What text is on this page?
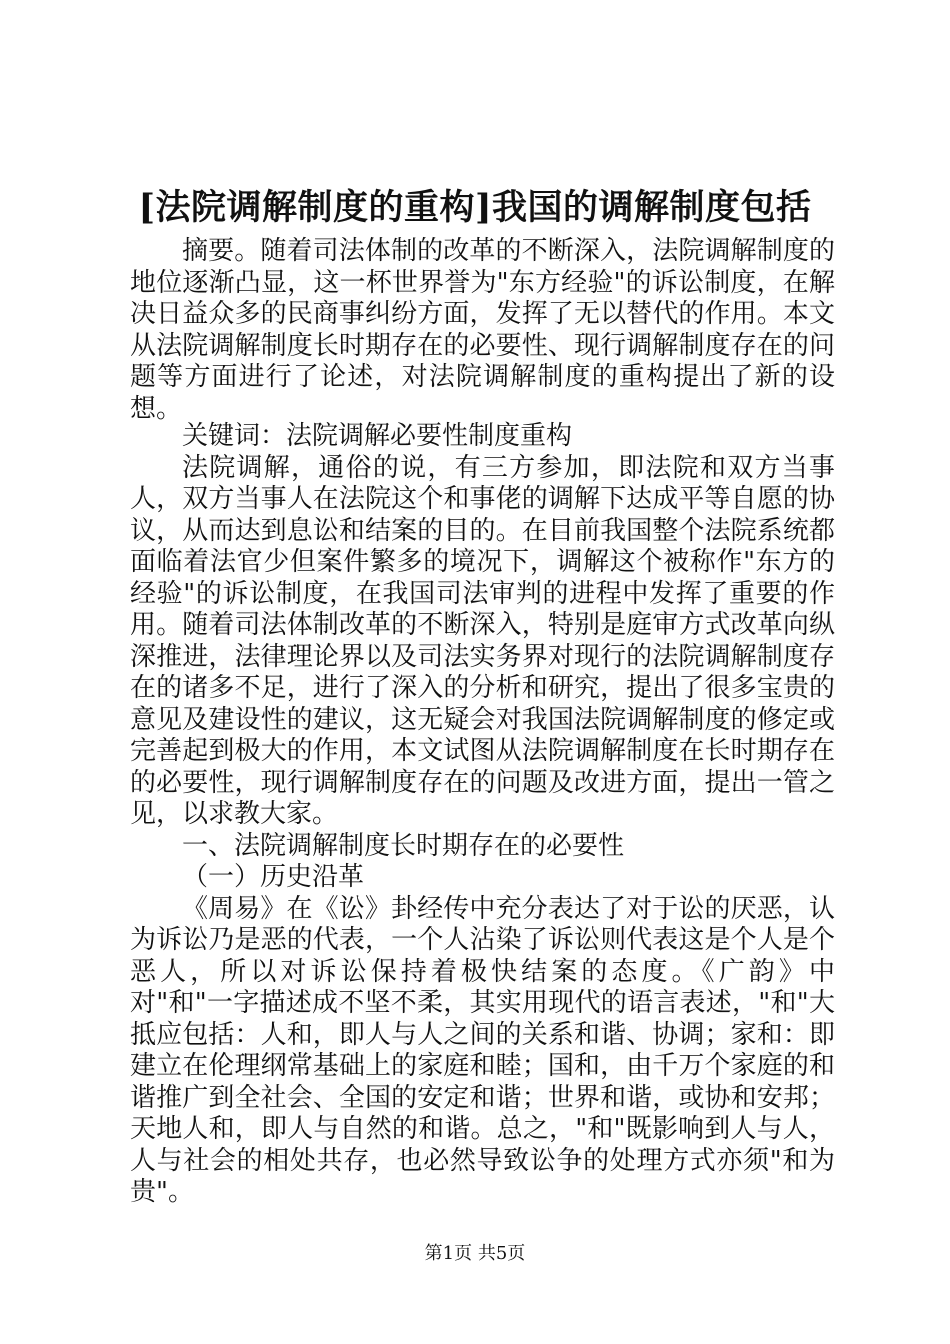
[法院调解制度的重构]我国的调解制度包括

摘要。随着司法体制的改革的不断深入，法院调解制度的地位逐渐凸显，这一杯世界誉为"东方经验"的诉讼制度，在解决日益众多的民商事纠纷方面，发挥了无以替代的作用。本文从法院调解制度长时期存在的必要性、现行调解制度存在的问题等方面进行了论述，对法院调解制度的重构提出了新的设想。

关键词：法院调解必要性制度重构

法院调解，通俗的说，有三方参加，即法院和双方当事人，双方当事人在法院这个和事佬的调解下达成平等自愿的协议，从而达到息讼和结案的目的。在目前我国整个法院系统都面临着法官少但案件繁多的境况下，调解这个被称作"东方的经验"的诉讼制度，在我国司法审判的进程中发挥了重要的作用。随着司法体制改革的不断深入，特别是庭审方式改革向纵深推进，法律理论界以及司法实务界对现行的法院调解制度存在的诸多不足，进行了深入的分析和研究，提出了很多宝贵的意见及建设性的建议，这无疑会对我国法院调解制度的修定或完善起到极大的作用，本文试图从法院调解制度在长时期存在的必要性，现行调解制度存在的问题及改进方面，提出一管之见，以求教大家。

一、法院调解制度长时期存在的必要性

（一）历史沿革

《周易》在《讼》卦经传中充分表达了对于讼的厌恶，认为诉讼乃是恶的代表，一个人沾染了诉讼则代表这是个人是个恶人，所以对诉讼保持着极快结案的态度。《广韵》中对"和"一字描述成不坚不柔，其实用现代的语言表述，"和"大抵应包括：人和，即人与人之间的关系和谐、协调；家和：即建立在伦理纲常基础上的家庭和睦；国和，由千万个家庭的和谐推广到全社会、全国的安定和谐；世界和谐，或协和安邦；天地人和，即人与自然的和谐。总之，"和"既影响到人与人，人与社会的相处共存，也必然导致讼争的处理方式亦须"和为贵"。

第1页 共5页
